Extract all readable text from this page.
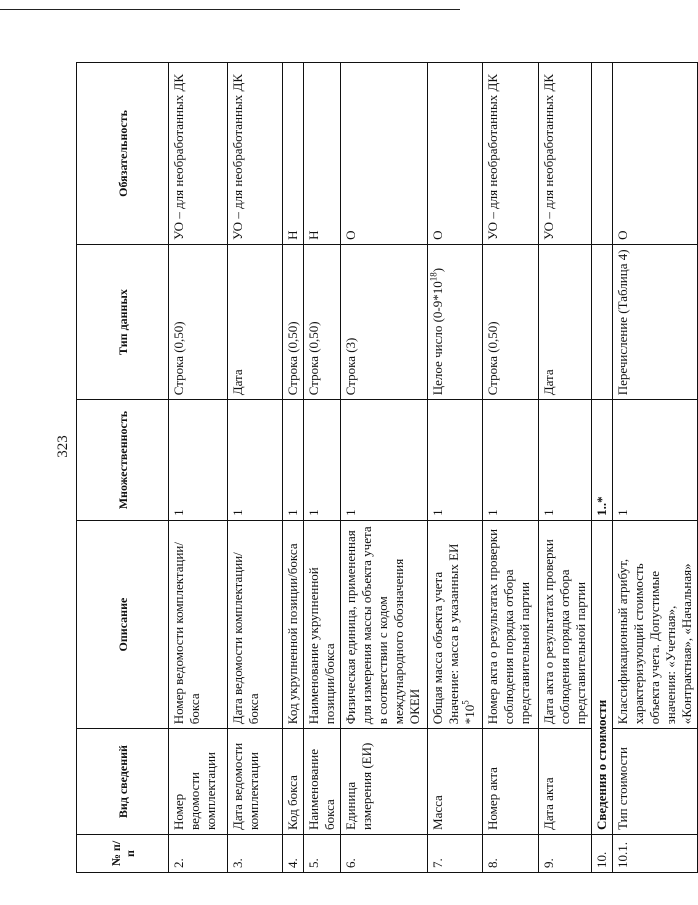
323
№ п/п	Вид сведений	Описание	Множественность	Тип данных	Обязательность
2.	Номер ведомости комплектации	Номер ведомости комплектации/бокса	1	Строка (0,50)	УО – для необработанных ДК
3.	Дата ведомости комплектации	Дата ведомости комплектации/бокса	1	Дата	УО – для необработанных ДК
4.	Код бокса	Код укрупненной позиции/бокса	1	Строка (0,50)	Н
5.	Наименование бокса	Наименование укрупненной позиции/бокса	1	Строка (0,50)	Н
6.	Единица измерения (ЕИ)	Физическая единица, примененная для измерения массы объекта учета в соответствии с кодом международного обозначения ОКЕИ	1	Строка (3)	О
7.	Масса	Общая масса объекта учета Значение: масса в указанных ЕИ $*10^5$	1	Целое число $(0-9*10^{18})$	О
8.	Номер акта	Номер акта о результатах проверки соблюдения порядка отбора представительной партии	1	Строка (0,50)	УО – для необработанных ДК
9.	Дата акта	Дата акта о результатах проверки соблюдения порядка отбора представительной партии	1	Дата	УО – для необработанных ДК
10.	Сведения о стоимости		1..*		
10.1.	Тип стоимости	Классификационный атрибут, характеризующий стоимость объекта учета. Допустимые значения: «Учетная», «Контрактная», «Начальная»	1	Перечисление (Таблица 4)	О
